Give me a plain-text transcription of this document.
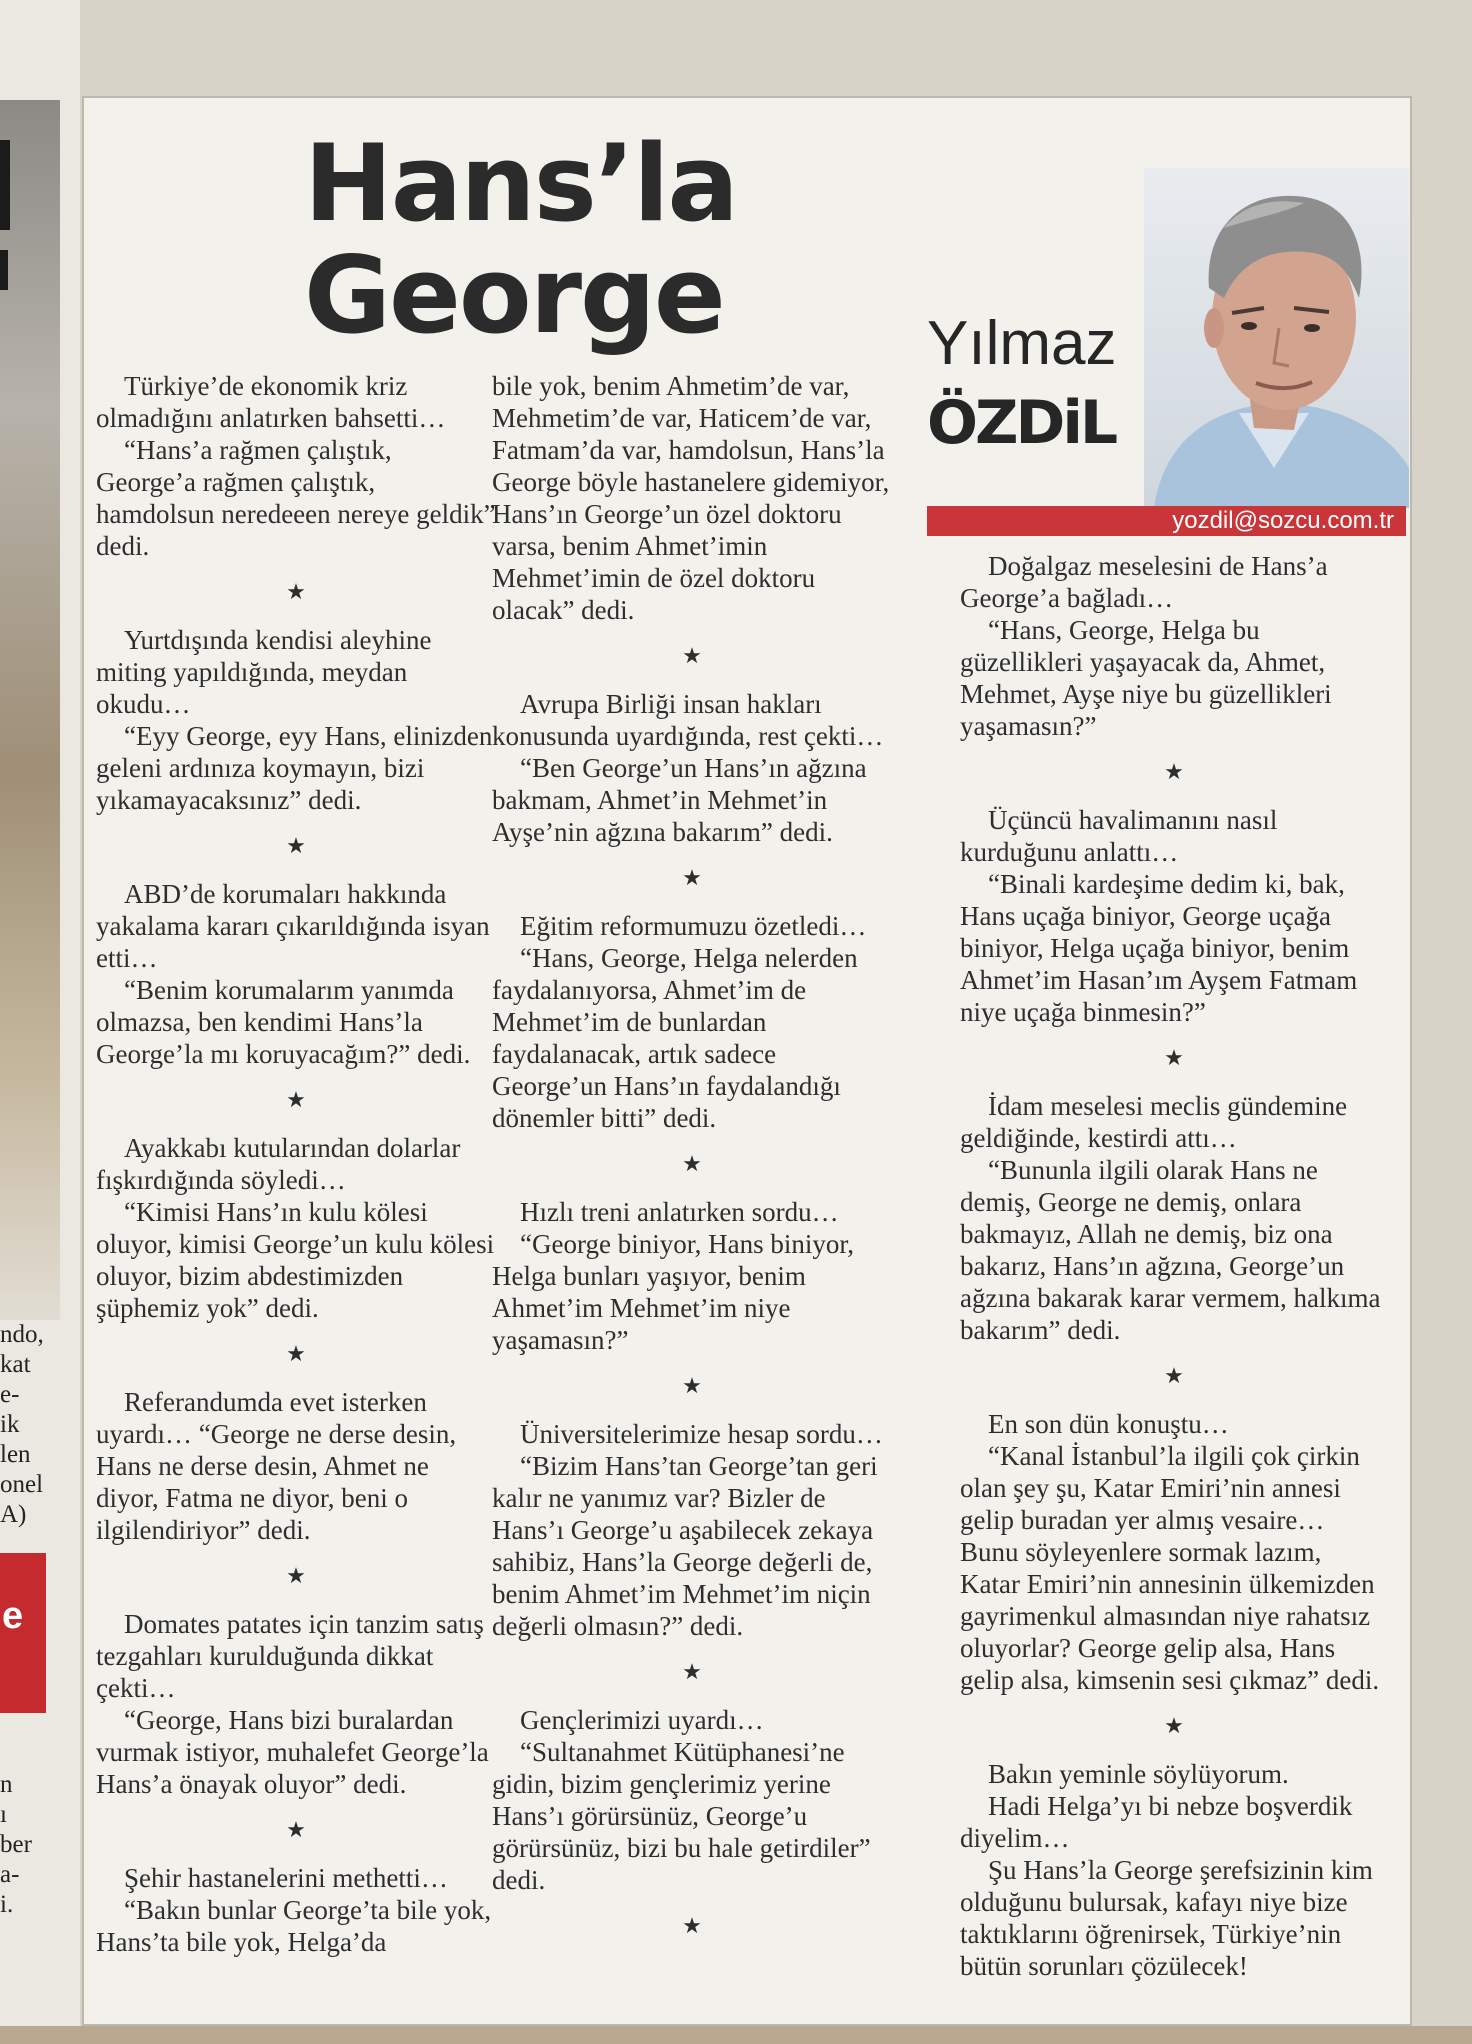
ndo,
kat
e-
ik
len
onel
A)

n
ı
ber
a-
i.
e
Hans’la
George	Yılmaz
ÖZDiL
yozdil@sozcu.com.tr

Türkiye’de ekonomik kriz olmadığını anlatırken bahsetti…

“Hans’a rağmen çalıştık, George’a rağmen çalıştık, hamdolsun neredeeen nereye geldik” dedi.

★

Yurtdışında kendisi aleyhine miting yapıldığında, meydan okudu…

“Eyy George, eyy Hans, elinizden geleni ardınıza koymayın, bizi yıkamayacaksınız” dedi.

★

ABD’de korumaları hakkında yakalama kararı çıkarıldığında isyan etti…

“Benim korumalarım yanımda olmazsa, ben kendimi Hans’la George’la mı koruyacağım?” dedi.

★

Ayakkabı kutularından dolarlar fışkırdığında söyledi…

“Kimisi Hans’ın kulu kölesi oluyor, kimisi George’un kulu kölesi oluyor, bizim abdestimizden şüphemiz yok” dedi.

★

Referandumda evet isterken uyardı… “George ne derse desin, Hans ne derse desin, Ahmet ne diyor, Fatma ne diyor, beni o ilgilendiriyor” dedi.

★

Domates patates için tanzim satış tezgahları kurulduğunda dikkat çekti…

“George, Hans bizi buralardan vurmak istiyor, muhalefet George’la Hans’a önayak oluyor” dedi.

★

Şehir hastanelerini methetti…

“Bakın bunlar George’ta bile yok, Hans’ta bile yok, Helga’da

bile yok, benim Ahmetim’de var, Mehmetim’de var, Haticem’de var, Fatmam’da var, hamdolsun, Hans’la George böyle hastanelere gidemiyor, Hans’ın George’un özel doktoru varsa, benim Ahmet’imin Mehmet’imin de özel doktoru olacak” dedi.

★

Avrupa Birliği insan hakları konusunda uyardığında, rest çekti…

“Ben George’un Hans’ın ağzına bakmam, Ahmet’in Mehmet’in Ayşe’nin ağzına bakarım” dedi.

★

Eğitim reformumuzu özetledi…

“Hans, George, Helga nelerden faydalanıyorsa, Ahmet’im de Mehmet’im de bunlardan faydalanacak, artık sadece George’un Hans’ın faydalandığı dönemler bitti” dedi.

★

Hızlı treni anlatırken sordu…

“George biniyor, Hans biniyor, Helga bunları yaşıyor, benim Ahmet’im Mehmet’im niye yaşamasın?”

★

Üniversitelerimize hesap sordu…

“Bizim Hans’tan George’tan geri kalır ne yanımız var? Bizler de Hans’ı George’u aşabilecek zekaya sahibiz, Hans’la George değerli de, benim Ahmet’im Mehmet’im niçin değerli olmasın?” dedi.

★

Gençlerimizi uyardı…

“Sultanahmet Kütüphanesi’ne gidin, bizim gençlerimiz yerine Hans’ı görürsünüz, George’u görürsünüz, bizi bu hale getirdiler” dedi.

★

Doğalgaz meselesini de Hans’a George’a bağladı…

“Hans, George, Helga bu güzellikleri yaşayacak da, Ahmet, Mehmet, Ayşe niye bu güzellikleri yaşamasın?”

★

Üçüncü havalimanını nasıl kurduğunu anlattı…

“Binali kardeşime dedim ki, bak, Hans uçağa biniyor, George uçağa biniyor, Helga uçağa biniyor, benim Ahmet’im Hasan’ım Ayşem Fatmam niye uçağa binmesin?”

★

İdam meselesi meclis gündemine geldiğinde, kestirdi attı…

“Bununla ilgili olarak Hans ne demiş, George ne demiş, onlara bakmayız, Allah ne demiş, biz ona bakarız, Hans’ın ağzına, George’un ağzına bakarak karar vermem, halkıma bakarım” dedi.

★

En son dün konuştu…

“Kanal İstanbul’la ilgili çok çirkin olan şey şu, Katar Emiri’nin annesi gelip buradan yer almış vesaire… Bunu söyleyenlere sormak lazım, Katar Emiri’nin annesinin ülkemizden gayrimenkul almasından niye rahatsız oluyorlar? George gelip alsa, Hans gelip alsa, kimsenin sesi çıkmaz” dedi.

★

Bakın yeminle söylüyorum.

Hadi Helga’yı bi nebze boşverdik diyelim…

Şu Hans’la George şerefsizinin kim olduğunu bulursak, kafayı niye bize taktıklarını öğrenirsek, Türkiye’nin bütün sorunları çözülecek!
